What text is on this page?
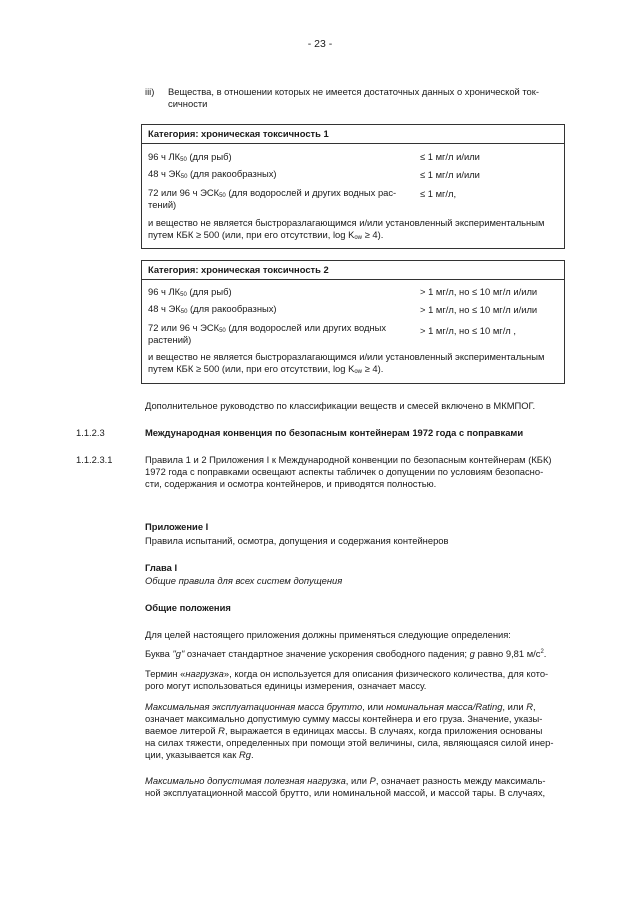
- 23 -
iii) Вещества, в отношении которых не имеется достаточных данных о хронической ток-
сичности
Категория: хроническая токсичность 1
96 ч $ЛК_{50}$ (для рыб)	≤ 1 мг/л и/или
48 ч $ЭК_{50}$ (для ракообразных)	≤ 1 мг/л и/или
72 или 96 ч $ЭСК_{50}$ (для водорослей и других водных рас-
тений)
≤ 1 мг/л,
и вещество не является быстроразлагающимся и/или установленный экспериментальным
путем КБК ≥ 500 (или, при его отсутствии, $\log K_{ow} \ge 4$).
Категория: хроническая токсичность 2
96 ч $ЛК_{50}$ (для рыб)	> 1 мг/л, но ≤ 10 мг/л и/или
48 ч $ЭК_{50}$ (для ракообразных)	> 1 мг/л, но ≤ 10 мг/л и/или
72 или 96 ч $ЭСК_{50}$ (для водорослей или других водных
растений)
> 1 мг/л, но ≤ 10 мг/л ,
и вещество не является быстроразлагающимся и/или установленный экспериментальным
путем КБК ≥ 500 (или, при его отсутствии, $\log K_{ow} \ge 4$).
Дополнительное руководство по классификации веществ и смесей включено в МКМПОГ.
1.1.2.3	Международная конвенция по безопасным контейнерам 1972 года с поправками
1.1.2.3.1	Правила 1 и 2 Приложения I к Международной конвенции по безопасным контейнерам (КБК)
1972 года с поправками освещают аспекты табличек о допущении по условиям безопасно-
сти, содержания и осмотра контейнеров, и приводятся полностью.
Приложение I
Правила испытаний, осмотра, допущения и содержания контейнеров
Глава I
Общие правила для всех систем допущения
Общие положения
Для целей настоящего приложения должны применяться следующие определения:
Буква "g" означает стандартное значение ускорения свободного падения; g равно 9,81 $м/с^2$.
Термин «нагрузка», когда он используется для описания физического количества, для кото-
рого могут использоваться единицы измерения, означает массу.
Максимальная эксплуатационная масса брутто, или номинальная масса/Rating, или R,
означает максимально допустимую сумму массы контейнера и его груза. Значение, указы-
ваемое литерой R, выражается в единицах массы. В случаях, когда приложения основаны
на силах тяжести, определенных при помощи этой величины, сила, являющаяся силой инер-
ции, указывается как Rg.
Максимально допустимая полезная нагрузка, или P, означает разность между максималь-
ной эксплуатационной массой брутто, или номинальной массой, и массой тары. В случаях,
